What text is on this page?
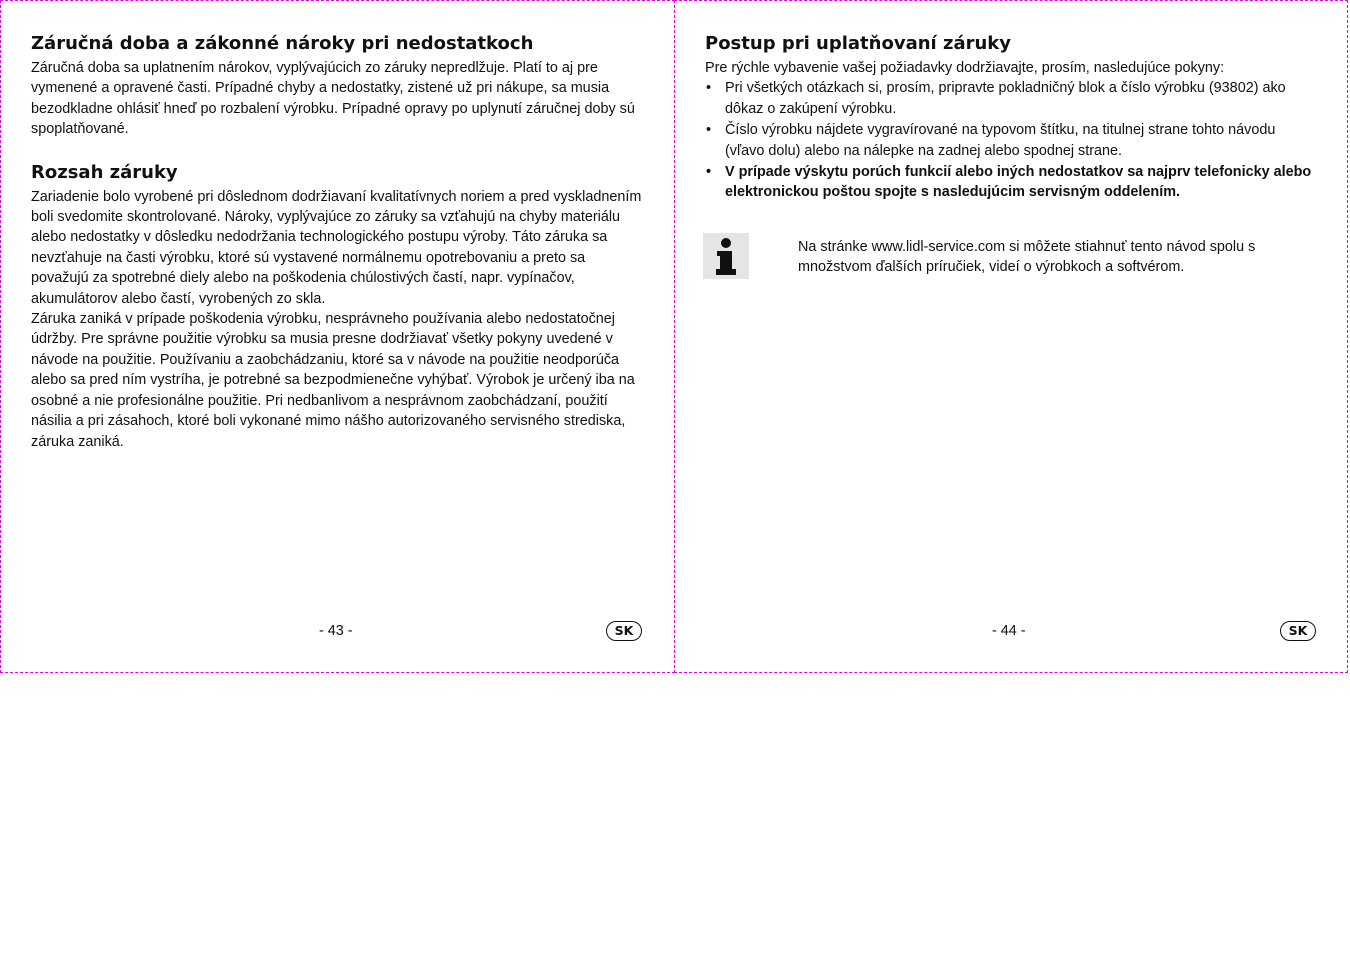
Záručná doba a zákonné nároky pri nedostatkoch

Záručná doba sa uplatnením nárokov, vyplývajúcich zo záruky nepredlžuje. Platí to aj pre vymenené a opravené časti. Prípadné chyby a nedostatky, zistené už pri nákupe, sa musia bezodkladne ohlásiť hneď po rozbalení výrobku. Prípadné opravy po uplynutí záručnej doby sú spoplatňované.

Rozsah záruky

Zariadenie bolo vyrobené pri dôslednom dodržiavaní kvalitatívnych noriem a pred vyskladnením boli svedomite skontrolované. Nároky, vyplývajúce zo záruky sa vzťahujú na chyby materiálu alebo nedostatky v dôsledku nedodržania technologického postupu výroby. Táto záruka sa nevzťahuje na časti výrobku, ktoré sú vystavené normálnemu opotrebovaniu a preto sa považujú za spotrebné diely alebo na poškodenia chúlostivých častí, napr. vypínačov, akumulátorov alebo častí, vyrobených zo skla.

Záruka zaniká v prípade poškodenia výrobku, nesprávneho používania alebo nedostatočnej údržby. Pre správne použitie výrobku sa musia presne dodržiavať všetky pokyny uvedené v návode na použitie. Používaniu a zaobchádzaniu, ktoré sa v návode na použitie neodporúča alebo sa pred ním vystríha, je potrebné sa bezpodmienečne vyhýbať. Výrobok je určený iba na osobné a nie profesionálne použitie. Pri nedbanlivom a nesprávnom zaobchádzaní, použití násilia a pri zásahoch, ktoré boli vykonané mimo nášho autorizovaného servisného strediska, záruka zaniká.

- 43 -	SK
Postup pri uplatňovaní záruky

Pre rýchle vybavenie vašej požiadavky dodržiavajte, prosím, nasledujúce pokyny:

• Pri všetkých otázkach si, prosím, pripravte pokladničný blok a číslo výrobku (93802) ako dôkaz o zakúpení výrobku.
• Číslo výrobku nájdete vygravírované na typovom štítku, na titulnej strane tohto návodu (vľavo dolu) alebo na nálepke na zadnej alebo spodnej strane.
• V prípade výskytu porúch funkcií alebo iných nedostatkov sa najprv telefonicky alebo elektronickou poštou spojte s nasledujúcim servisným oddelením.
Na stránke www.lidl-service.com si môžete stiahnuť tento návod spolu s množstvom ďalších príručiek, videí o výrobkoch a softvérom.
- 44 -	SK
